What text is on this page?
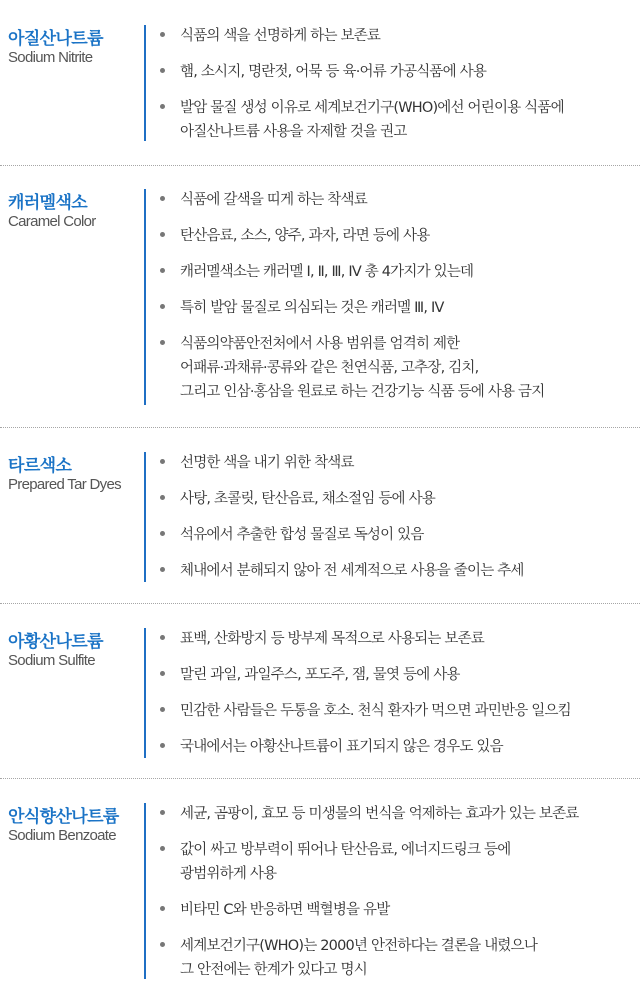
아질산나트륨
Sodium Nitrite
식품의 색을 선명하게 하는 보존료
햄, 소시지, 명란젓, 어묵 등 육·어류 가공식품에 사용
발암 물질 생성 이유로 세계보건기구(WHO)에선 어린이용 식품에
아질산나트륨 사용을 자제할 것을 권고
캐러멜색소
Caramel Color
식품에 갈색을 띠게 하는 착색료
탄산음료, 소스, 양주, 과자, 라면 등에 사용
캐러멜색소는 캐러멜 Ⅰ, Ⅱ, Ⅲ, Ⅳ 총 4가지가 있는데
특히 발암 물질로 의심되는 것은 캐러멜 Ⅲ, Ⅳ
식품의약품안전처에서 사용 범위를 엄격히 제한
어패류·과채류·콩류와 같은 천연식품, 고추장, 김치,
그리고 인삼·홍삼을 원료로 하는 건강기능 식품 등에 사용 금지
타르색소
Prepared Tar Dyes
선명한 색을 내기 위한 착색료
사탕, 초콜릿, 탄산음료, 채소절임 등에 사용
석유에서 추출한 합성 물질로 독성이 있음
체내에서 분해되지 않아 전 세계적으로 사용을 줄이는 추세
아황산나트륨
Sodium Sulfite
표백, 산화방지 등 방부제 목적으로 사용되는 보존료
말린 과일, 과일주스, 포도주, 잼, 물엿 등에 사용
민감한 사람들은 두통을 호소. 천식 환자가 먹으면 과민반응 일으킴
국내에서는 아황산나트륨이 표기되지 않은 경우도 있음
안식향산나트륨
Sodium Benzoate
세균, 곰팡이, 효모 등 미생물의 번식을 억제하는 효과가 있는 보존료
값이 싸고 방부력이 뛰어나 탄산음료, 에너지드링크 등에
광범위하게 사용
비타민 C와 반응하면 백혈병을 유발
세계보건기구(WHO)는 2000년 안전하다는 결론을 내렸으나
그 안전에는 한계가 있다고 명시
